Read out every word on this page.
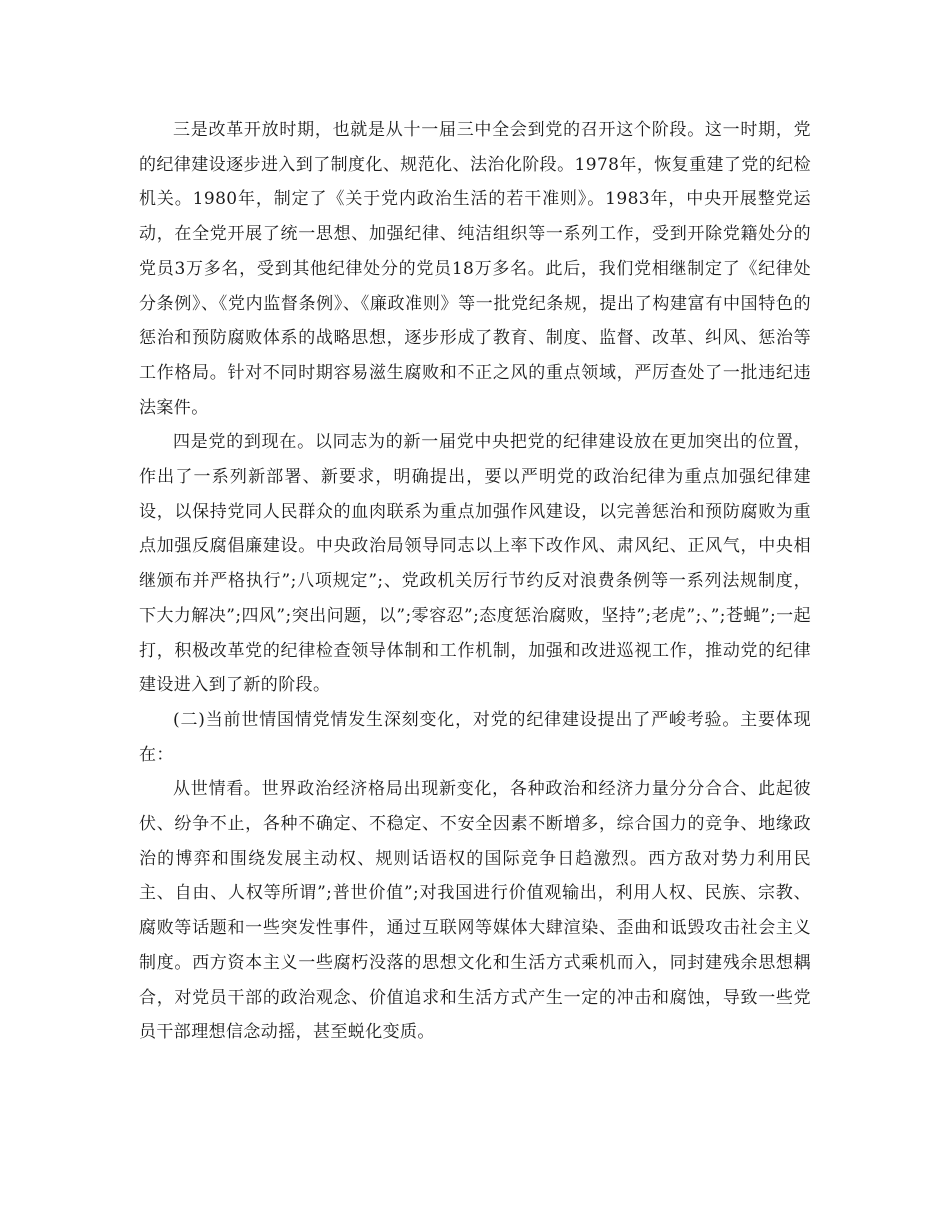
三是改革开放时期，也就是从十一届三中全会到党的召开这个阶段。这一时期，党的纪律建设逐步进入到了制度化、规范化、法治化阶段。1978年，恢复重建了党的纪检机关。1980年，制定了《关于党内政治生活的若干准则》。1983年，中央开展整党运动，在全党开展了统一思想、加强纪律、纯洁组织等一系列工作，受到开除党籍处分的党员3万多名，受到其他纪律处分的党员18万多名。此后，我们党相继制定了《纪律处分条例》、《党内监督条例》、《廉政准则》等一批党纪条规，提出了构建富有中国特色的惩治和预防腐败体系的战略思想，逐步形成了教育、制度、监督、改革、纠风、惩治等工作格局。针对不同时期容易滋生腐败和不正之风的重点领域，严厉查处了一批违纪违法案件。

四是党的到现在。以同志为的新一届党中央把党的纪律建设放在更加突出的位置，作出了一系列新部署、新要求，明确提出，要以严明党的政治纪律为重点加强纪律建设，以保持党同人民群众的血肉联系为重点加强作风建设，以完善惩治和预防腐败为重点加强反腐倡廉建设。中央政治局领导同志以上率下改作风、肃风纪、正风气，中央相继颁布并严格执行”;八项规定”;、党政机关厉行节约反对浪费条例等一系列法规制度，下大力解决”;四风”;突出问题，以”;零容忍”;态度惩治腐败，坚持”;老虎”;、”;苍蝇”;一起打，积极改革党的纪律检查领导体制和工作机制，加强和改进巡视工作，推动党的纪律建设进入到了新的阶段。

(二)当前世情国情党情发生深刻变化，对党的纪律建设提出了严峻考验。主要体现在：

从世情看。世界政治经济格局出现新变化，各种政治和经济力量分分合合、此起彼伏、纷争不止，各种不确定、不稳定、不安全因素不断增多，综合国力的竞争、地缘政治的博弈和围绕发展主动权、规则话语权的国际竞争日趋激烈。西方敌对势力利用民主、自由、人权等所谓”;普世价值”;对我国进行价值观输出，利用人权、民族、宗教、腐败等话题和一些突发性事件，通过互联网等媒体大肆渲染、歪曲和诋毁攻击社会主义制度。西方资本主义一些腐朽没落的思想文化和生活方式乘机而入，同封建残余思想耦合，对党员干部的政治观念、价值追求和生活方式产生一定的冲击和腐蚀，导致一些党员干部理想信念动摇，甚至蜕化变质。
